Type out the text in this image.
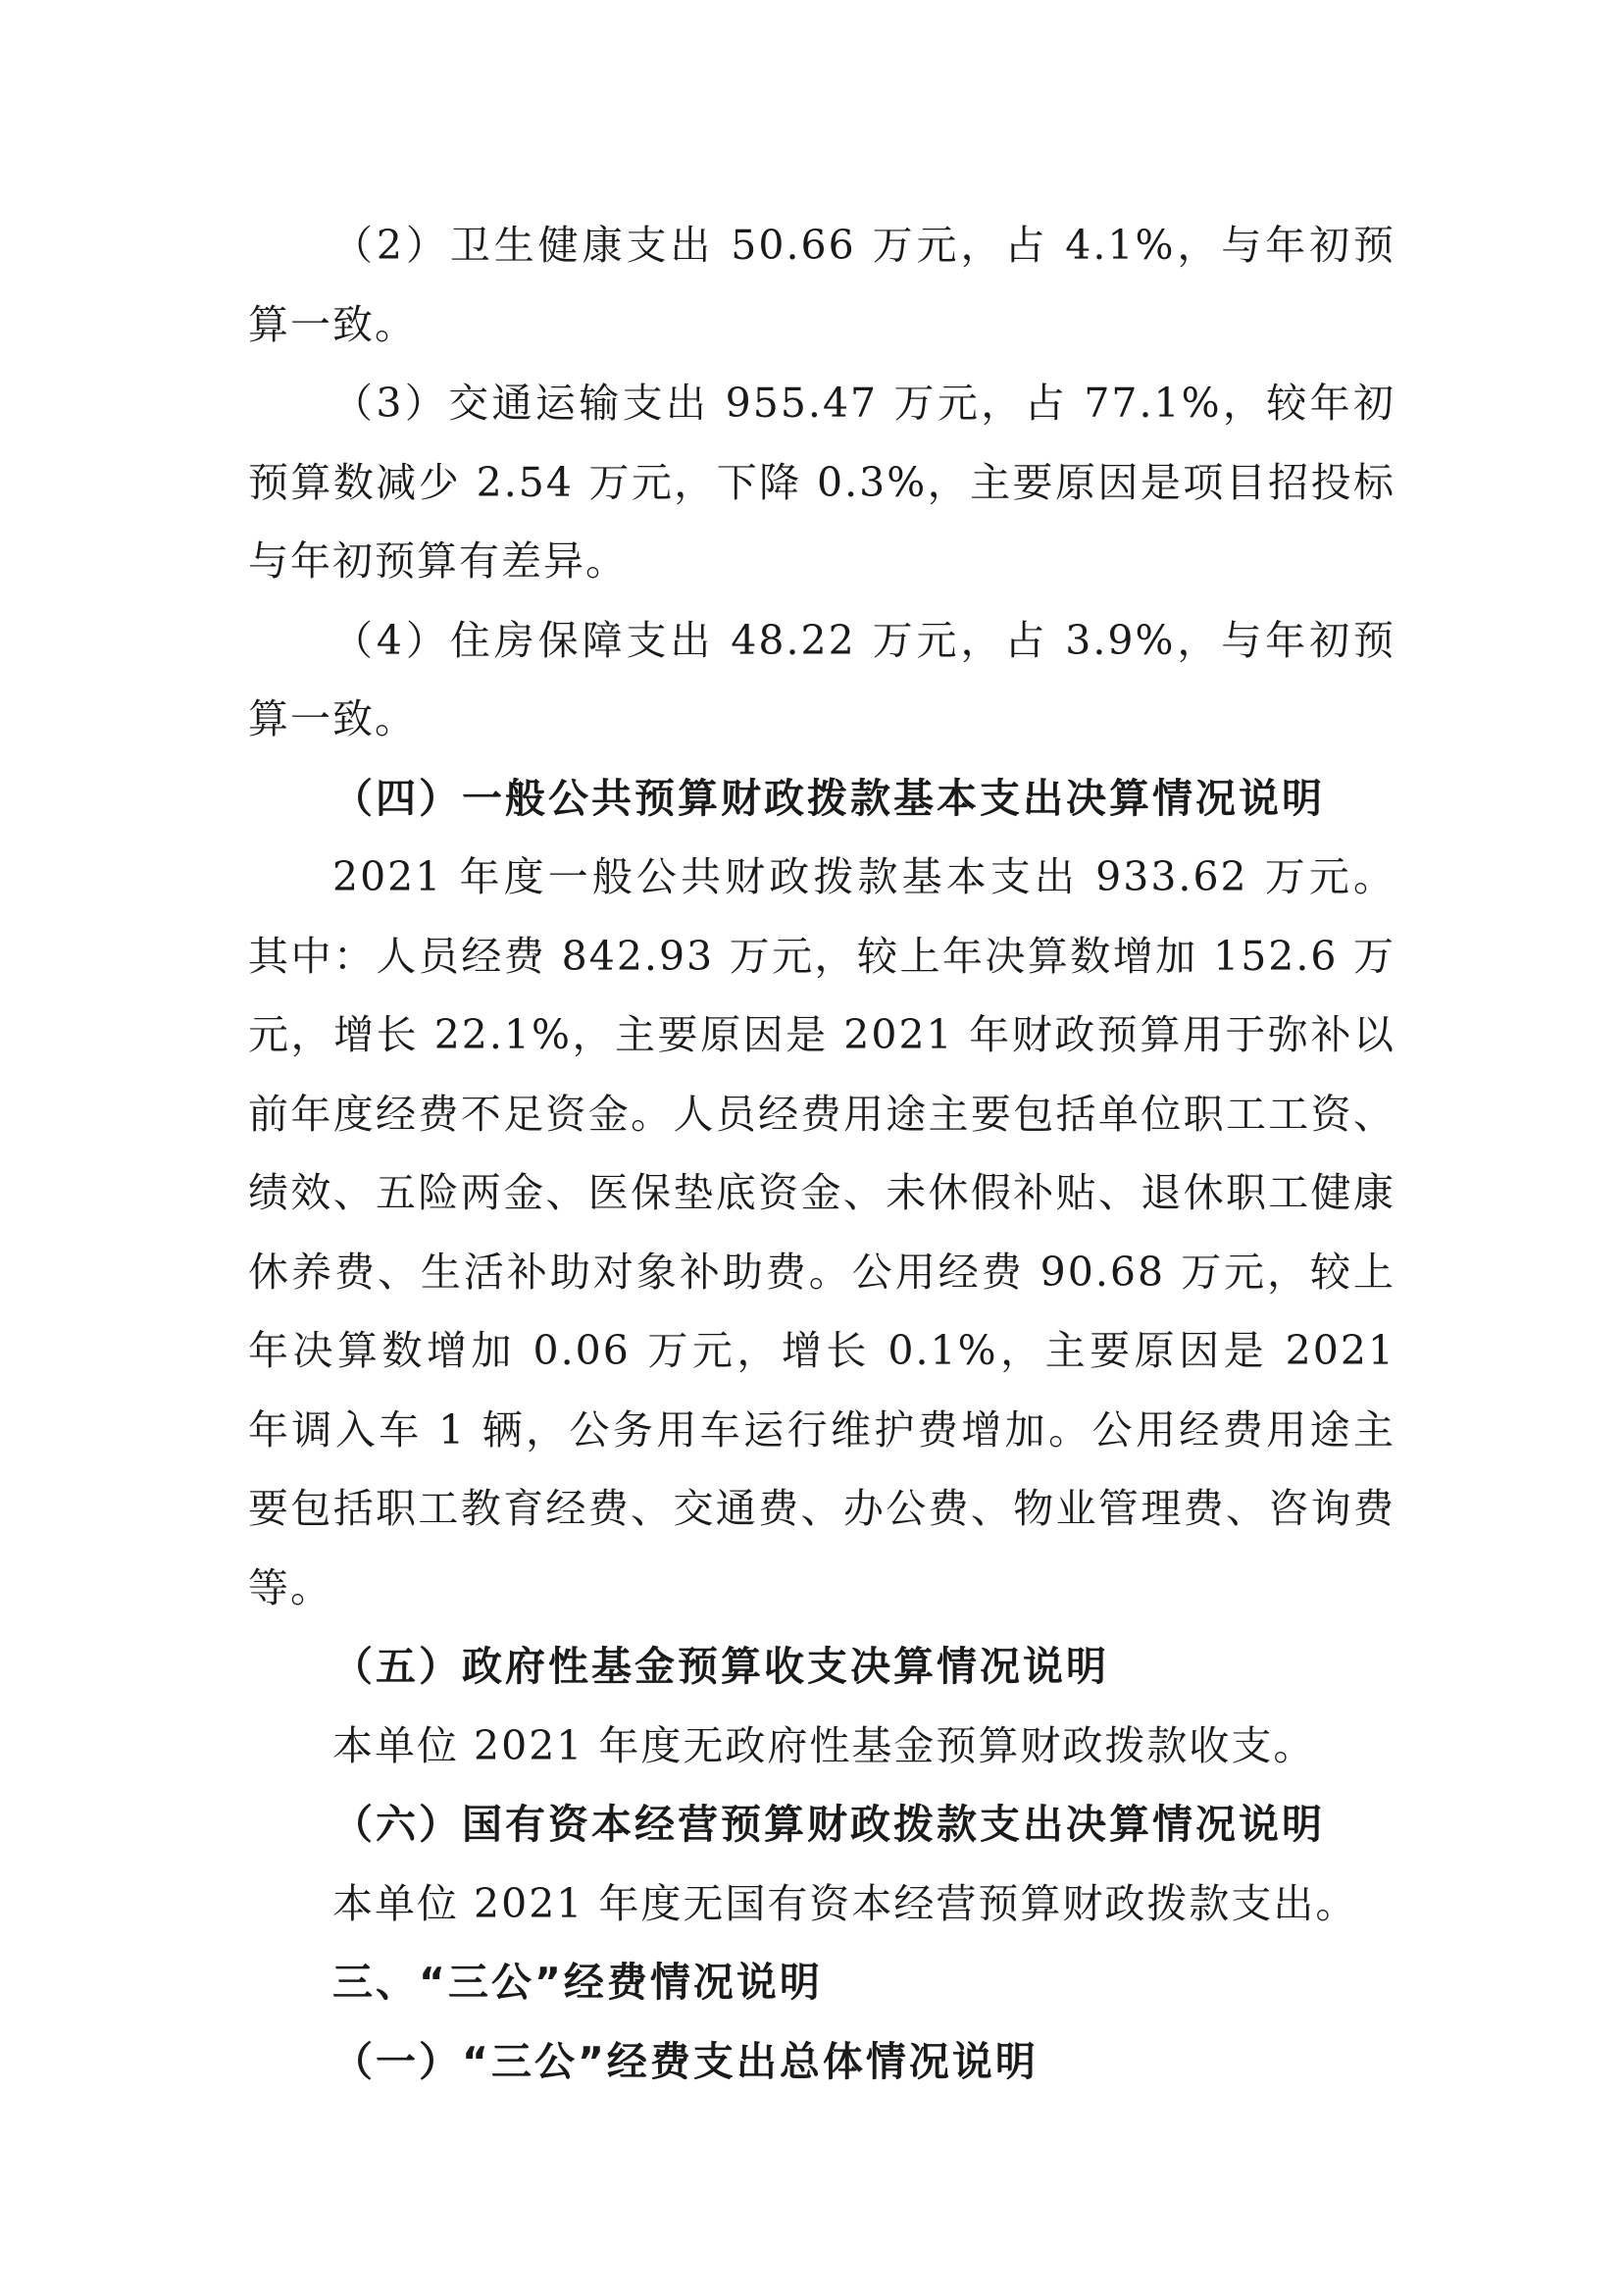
（2）卫生健康支出 50.66 万元，占 4.1%，与年初预算一致。

（3）交通运输支出 955.47 万元，占 77.1%，较年初预算数减少 2.54 万元，下降 0.3%，主要原因是项目招投标与年初预算有差异。

（4）住房保障支出 48.22 万元，占 3.9%，与年初预算一致。

（四）一般公共预算财政拨款基本支出决算情况说明

2021 年度一般公共财政拨款基本支出 933.62 万元。其中：人员经费 842.93 万元，较上年决算数增加 152.6 万元，增长 22.1%，主要原因是 2021 年财政预算用于弥补以前年度经费不足资金。人员经费用途主要包括单位职工工资、绩效、五险两金、医保垫底资金、未休假补贴、退休职工健康休养费、生活补助对象补助费。公用经费 90.68 万元，较上年决算数增加 0.06 万元，增长 0.1%，主要原因是 2021 年调入车 1 辆，公务用车运行维护费增加。公用经费用途主要包括职工教育经费、交通费、办公费、物业管理费、咨询费等。

（五）政府性基金预算收支决算情况说明

本单位 2021 年度无政府性基金预算财政拨款收支。

（六）国有资本经营预算财政拨款支出决算情况说明

本单位 2021 年度无国有资本经营预算财政拨款支出。

三、“三公”经费情况说明

（一）“三公”经费支出总体情况说明
